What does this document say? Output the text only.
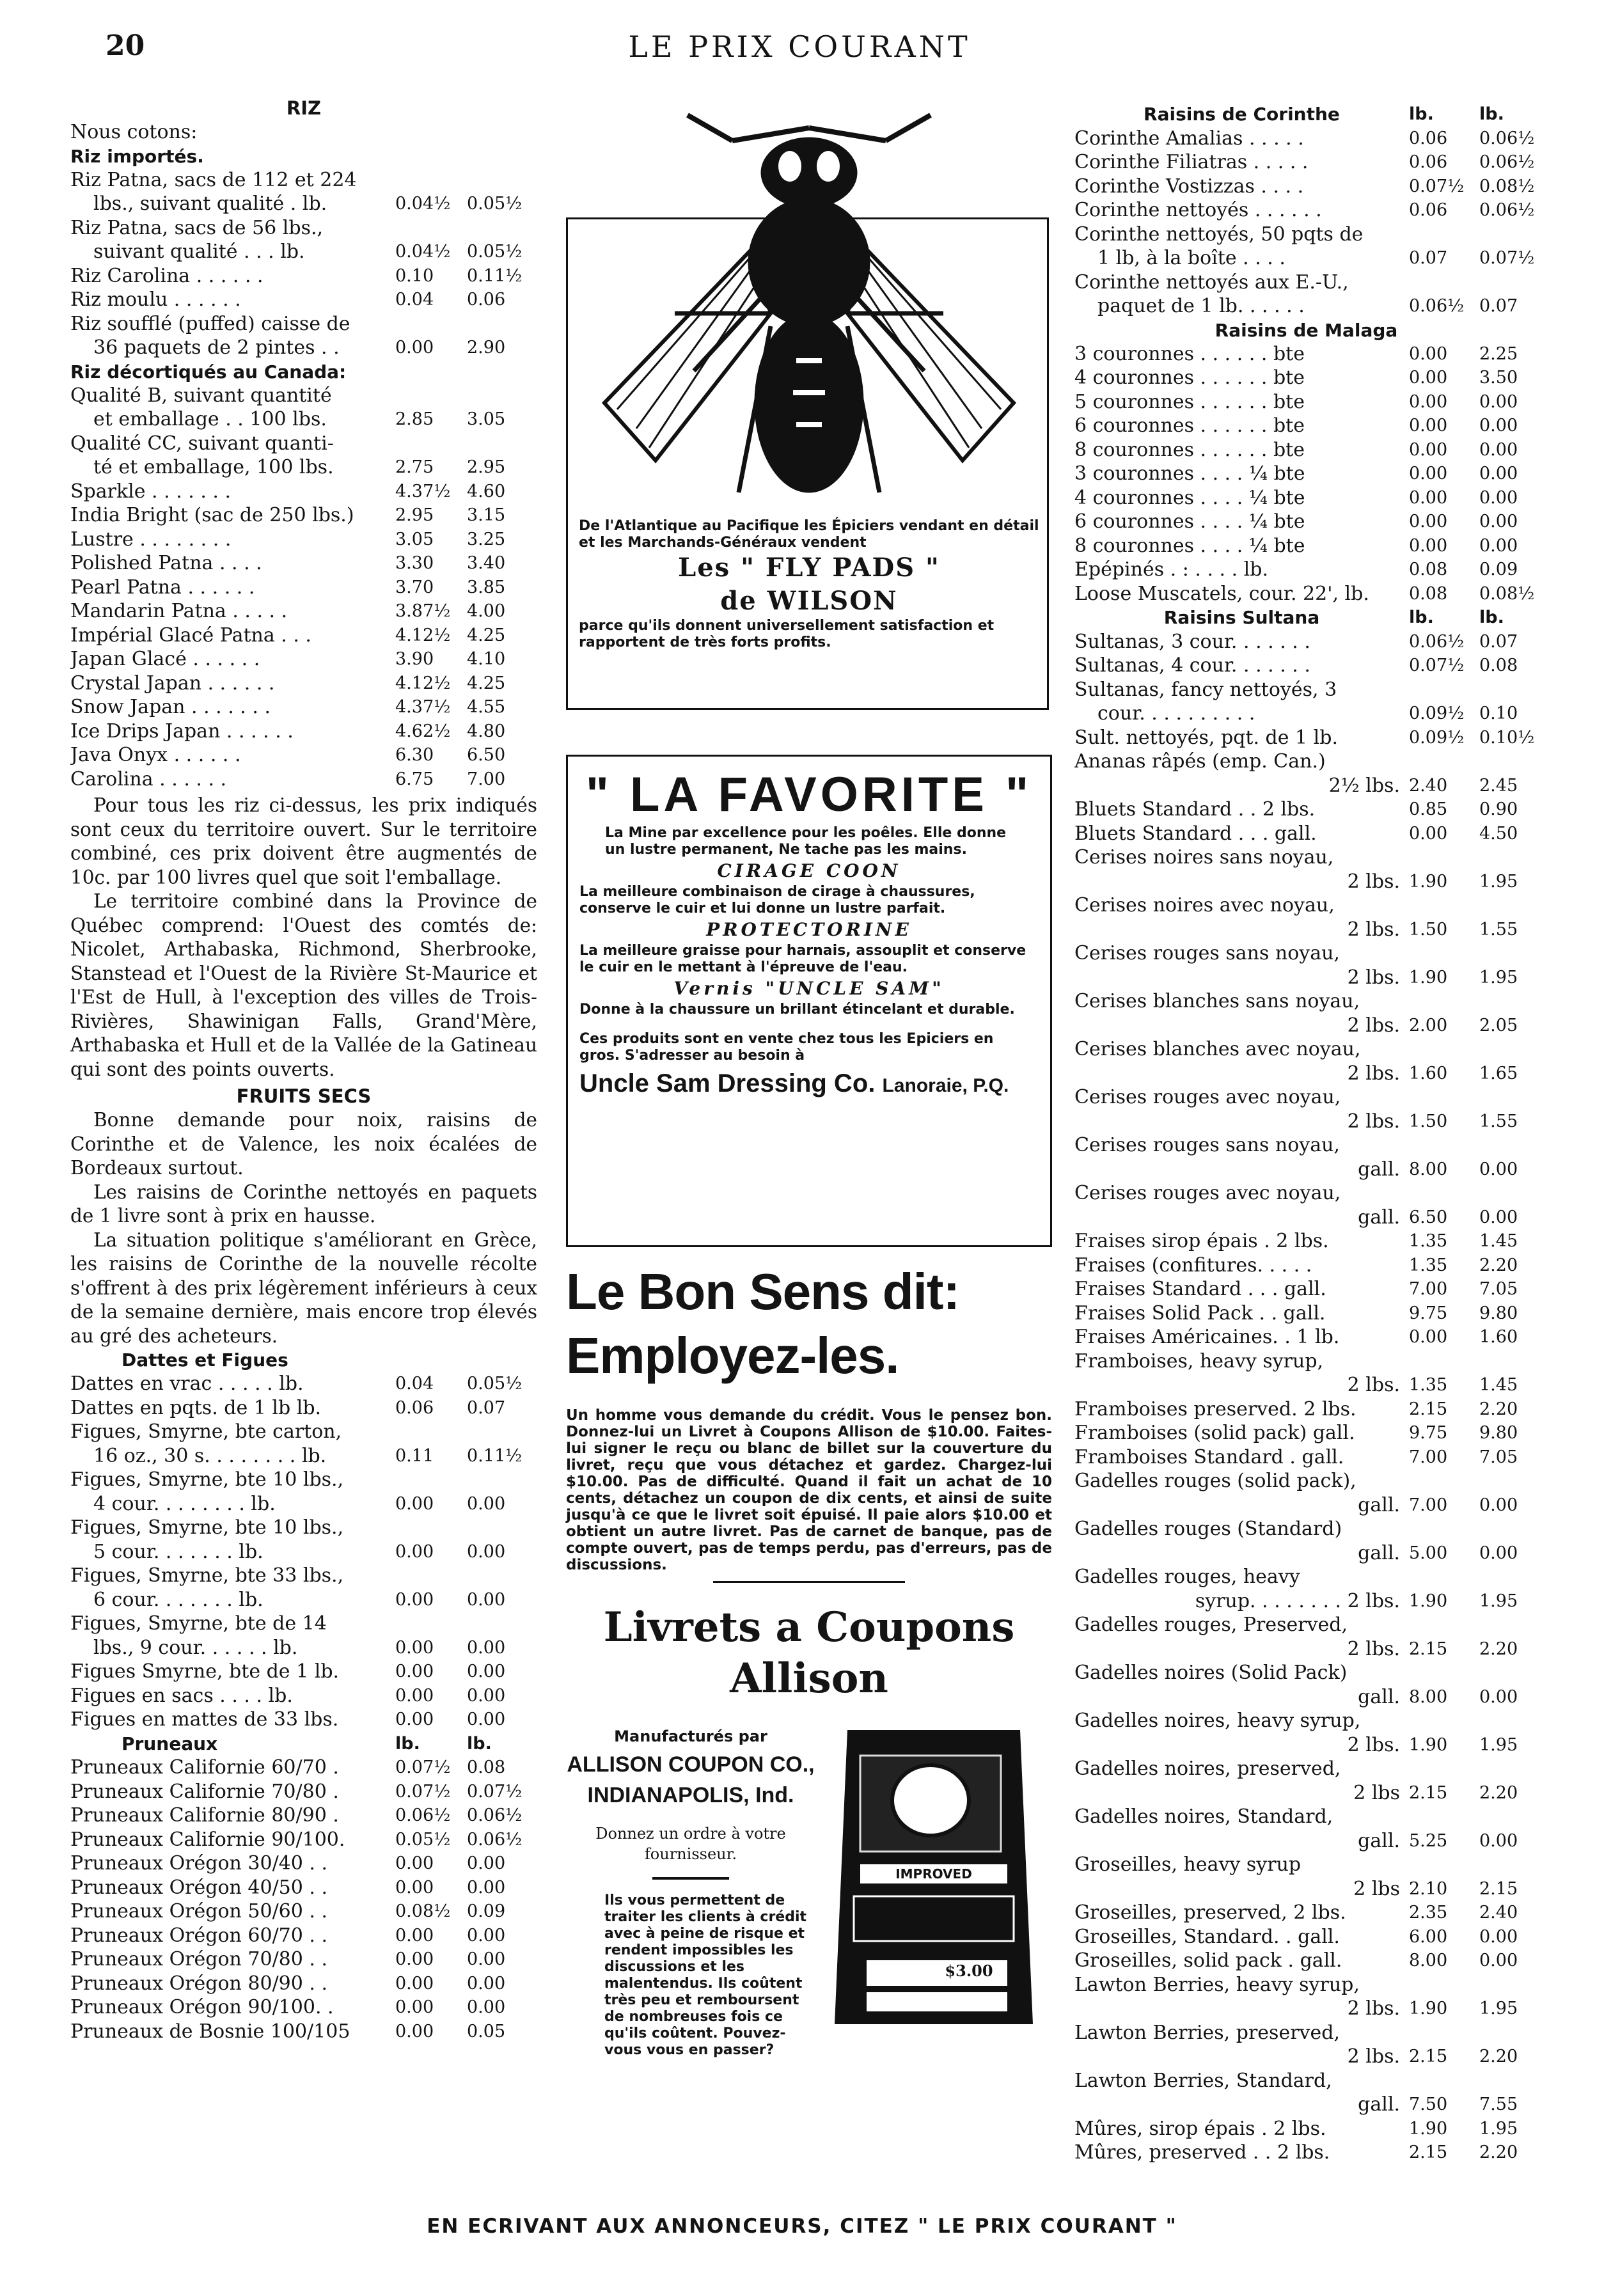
20	LE PRIX COURANT
RIZ
Nous cotons:
Riz importés.
Riz Patna, sacs de 112 et 224
lbs., suivant qualité . lb.	0.04½ 0.05½
Riz Patna, sacs de 56 lbs.,
suivant qualité . . . lb.	0.04½ 0.05½
Riz Carolina . . . . . .	0.10	0.11½
Riz moulu . . . . . .	0.04	0.06
Riz soufflé (puffed) caisse de
36 paquets de 2 pintes . .	0.00	2.90
Riz décortiqués au Canada:
Qualité B, suivant quantité
et emballage . . 100 lbs.	2.85	3.05
Qualité CC, suivant quanti-
té et emballage, 100 lbs.	2.75	2.95
Sparkle . . . . . . .	4.37½ 4.60
India Bright (sac de 250 lbs.)	2.95	3.15
Lustre . . . . . . . .	3.05	3.25
Polished Patna . . . .	3.30	3.40
Pearl Patna . . . . . .	3.70	3.85
Mandarin Patna . . . . .	3.87½ 4.00
Impérial Glacé Patna . . .	4.12½ 4.25
Japan Glacé . . . . . .	3.90	4.10
Crystal Japan . . . . . .	4.12½ 4.25
Snow Japan . . . . . . .	4.37½ 4.55
Ice Drips Japan . . . . . .	4.62½ 4.80
Java Onyx . . . . . .	6.30	6.50
Carolina . . . . . .	6.75	7.00

Pour tous les riz ci-dessus, les prix indiqués sont ceux du territoire ouvert. Sur le territoire combiné, ces prix doivent être augmentés de 10c. par 100 livres quel que soit l'emballage.

Le territoire combiné dans la Province de Québec comprend: l'Ouest des comtés de: Nicolet, Arthabaska, Richmond, Sherbrooke, Stanstead et l'Ouest de la Rivière St-Maurice et l'Est de Hull, à l'exception des villes de Trois-Rivières, Shawinigan Falls, Grand'Mère, Arthabaska et Hull et de la Vallée de la Gatineau qui sont des points ouverts.

FRUITS SECS

Bonne demande pour noix, raisins de Corinthe et de Valence, les noix écalées de Bordeaux surtout.

Les raisins de Corinthe nettoyés en paquets de 1 livre sont à prix en hausse.

La situation politique s'améliorant en Grèce, les raisins de Corinthe de la nouvelle récolte s'offrent à des prix légèrement inférieurs à ceux de la semaine dernière, mais encore trop élevés au gré des acheteurs.

Dattes et Figues
Dattes en vrac . . . . . lb.	0.04	0.05½
Dattes en pqts. de 1 lb lb.	0.06	0.07
Figues, Smyrne, bte carton,
16 oz., 30 s. . . . . . . . lb.	0.11	0.11½
Figues, Smyrne, bte 10 lbs.,
4 cour. . . . . . . . lb.	0.00	0.00
Figues, Smyrne, bte 10 lbs.,
5 cour. . . . . . . lb.	0.00	0.00
Figues, Smyrne, bte 33 lbs.,
6 cour. . . . . . . lb.	0.00	0.00
Figues, Smyrne, bte de 14
lbs., 9 cour. . . . . . lb.	0.00	0.00
Figues Smyrne, bte de 1 lb.	0.00	0.00
Figues en sacs . . . . lb.	0.00	0.00
Figues en mattes de 33 lbs.	0.00	0.00
Pruneaux	lb.	lb.
Pruneaux Californie 60/70 .	0.07½ 0.08
Pruneaux Californie 70/80 .	0.07½ 0.07½
Pruneaux Californie 80/90 .	0.06½ 0.06½
Pruneaux Californie 90/100.	0.05½ 0.06½
Pruneaux Orégon 30/40 . .	0.00	0.00
Pruneaux Orégon 40/50 . .	0.00	0.00
Pruneaux Orégon 50/60 . .	0.08½ 0.09
Pruneaux Orégon 60/70 . .	0.00	0.00
Pruneaux Orégon 70/80 . .	0.00	0.00
Pruneaux Orégon 80/90 . .	0.00	0.00
Pruneaux Orégon 90/100. .	0.00	0.00
Pruneaux de Bosnie 100/105	0.00	0.05
De l'Atlantique au Pacifique les Épiciers vendant en détail et les Marchands-Généraux vendent
Les " FLY PADS "
de WILSON
parce qu'ils donnent universellement satisfaction et rapportent de très forts profits.
" LA FAVORITE "
La Mine par excellence pour les poêles. Elle donne un lustre permanent, Ne tache pas les mains.
CIRAGE COON
La meilleure combinaison de cirage à chaussures, conserve le cuir et lui donne un lustre parfait.
PROTECTORINE
La meilleure graisse pour harnais, assouplit et conserve le cuir en le mettant à l'épreuve de l'eau.
Vernis "UNCLE SAM"
Donne à la chaussure un brillant étincelant et durable.
Ces produits sont en vente chez tous les Epiciers en gros. S'adresser au besoin à
Uncle Sam Dressing Co. Lanoraie, P.Q.
Le Bon Sens dit:
Employez-les.
Un homme vous demande du crédit. Vous le pensez bon. Donnez-lui un Livret à Coupons Allison de $10.00. Faites-lui signer le reçu ou blanc de billet sur la couverture du livret, reçu que vous détachez et gardez. Chargez-lui $10.00. Pas de difficulté. Quand il fait un achat de 10 cents, détachez un coupon de dix cents, et ainsi de suite jusqu'à ce que le livret soit épuisé. Il paie alors $10.00 et obtient un autre livret. Pas de carnet de banque, pas de compte ouvert, pas de temps perdu, pas d'erreurs, pas de discussions.
Livrets a Coupons
Allison
Manufacturés par
ALLISON COUPON CO.,
INDIANAPOLIS, Ind.
Donnez un ordre à votre fournisseur.
Ils vous permettent de traiter les clients à crédit avec à peine de risque et rendent impossibles les discussions et les malentendus. Ils coûtent très peu et remboursent de nombreuses fois ce qu'ils coûtent. Pouvez-vous vous en passer?
IMPROVED
$3.00
Raisins de Corinthe	lb.	lb.
Corinthe Amalias . . . . .	0.06	0.06½
Corinthe Filiatras . . . . .	0.06	0.06½
Corinthe Vostizzas . . . .	0.07½ 0.08½
Corinthe nettoyés . . . . . .	0.06	0.06½
Corinthe nettoyés, 50 pqts de
1 lb, à la boîte . . . .	0.07	0.07½
Corinthe nettoyés aux E.-U.,
paquet de 1 lb. . . . . .	0.06½ 0.07
Raisins de Malaga
3 couronnes . . . . . . bte	0.00	2.25
4 couronnes . . . . . . bte	0.00	3.50
5 couronnes . . . . . . bte	0.00	0.00
6 couronnes . . . . . . bte	0.00	0.00
8 couronnes . . . . . . bte	0.00	0.00
3 couronnes . . . . ¼ bte	0.00	0.00
4 couronnes . . . . ¼ bte	0.00	0.00
6 couronnes . . . . ¼ bte	0.00	0.00
8 couronnes . . . . ¼ bte	0.00	0.00
Epépinés . : . . . . lb.	0.08	0.09
Loose Muscatels, cour. 22', lb.	0.08	0.08½
Raisins Sultana	lb.	lb.
Sultanas, 3 cour. . . . . . .	0.06½ 0.07
Sultanas, 4 cour. . . . . . .	0.07½ 0.08
Sultanas, fancy nettoyés, 3
cour. . . . . . . . . .	0.09½ 0.10
Sult. nettoyés, pqt. de 1 lb.	0.09½ 0.10½
Ananas râpés (emp. Can.)
2½ lbs. 2.40	2.45
Bluets Standard . . 2 lbs.	0.85	0.90
Bluets Standard . . . gall.	0.00	4.50
Cerises noires sans noyau,
2 lbs. 1.90	1.95
Cerises noires avec noyau,
2 lbs. 1.50	1.55
Cerises rouges sans noyau,
2 lbs. 1.90	1.95
Cerises blanches sans noyau,
2 lbs. 2.00	2.05
Cerises blanches avec noyau,
2 lbs. 1.60	1.65
Cerises rouges avec noyau,
2 lbs. 1.50	1.55
Cerises rouges sans noyau,
gall. 8.00	0.00
Cerises rouges avec noyau,
gall. 6.50	0.00
Fraises sirop épais . 2 lbs.	1.35	1.45
Fraises (confitures. . . . .	1.35	2.20
Fraises Standard . . . gall.	7.00	7.05
Fraises Solid Pack . . gall.	9.75	9.80
Fraises Américaines. . 1 lb.	0.00	1.60
Framboises, heavy syrup,
2 lbs. 1.35	1.45
Framboises preserved. 2 lbs.	2.15	2.20
Framboises (solid pack) gall.	9.75	9.80
Framboises Standard . gall.	7.00	7.05
Gadelles rouges (solid pack),
gall. 7.00	0.00
Gadelles rouges (Standard)
gall. 5.00	0.00
Gadelles rouges, heavy
syrup. . . . . . . . 2 lbs. 1.90	1.95
Gadelles rouges, Preserved,
2 lbs. 2.15	2.20
Gadelles noires (Solid Pack)
gall. 8.00	0.00
Gadelles noires, heavy syrup,
2 lbs. 1.90	1.95
Gadelles noires, preserved,
2 lbs 2.15	2.20
Gadelles noires, Standard,
gall. 5.25	0.00
Groseilles, heavy syrup
2 lbs 2.10	2.15
Groseilles, preserved, 2 lbs.	2.35	2.40
Groseilles, Standard. . gall.	6.00	0.00
Groseilles, solid pack . gall.	8.00	0.00
Lawton Berries, heavy syrup,
2 lbs. 1.90	1.95
Lawton Berries, preserved,
2 lbs. 2.15	2.20
Lawton Berries, Standard,
gall. 7.50	7.55
Mûres, sirop épais . 2 lbs.	1.90	1.95
Mûres, preserved . . 2 lbs.	2.15	2.20
EN ECRIVANT AUX ANNONCEURS, CITEZ " LE PRIX COURANT "
